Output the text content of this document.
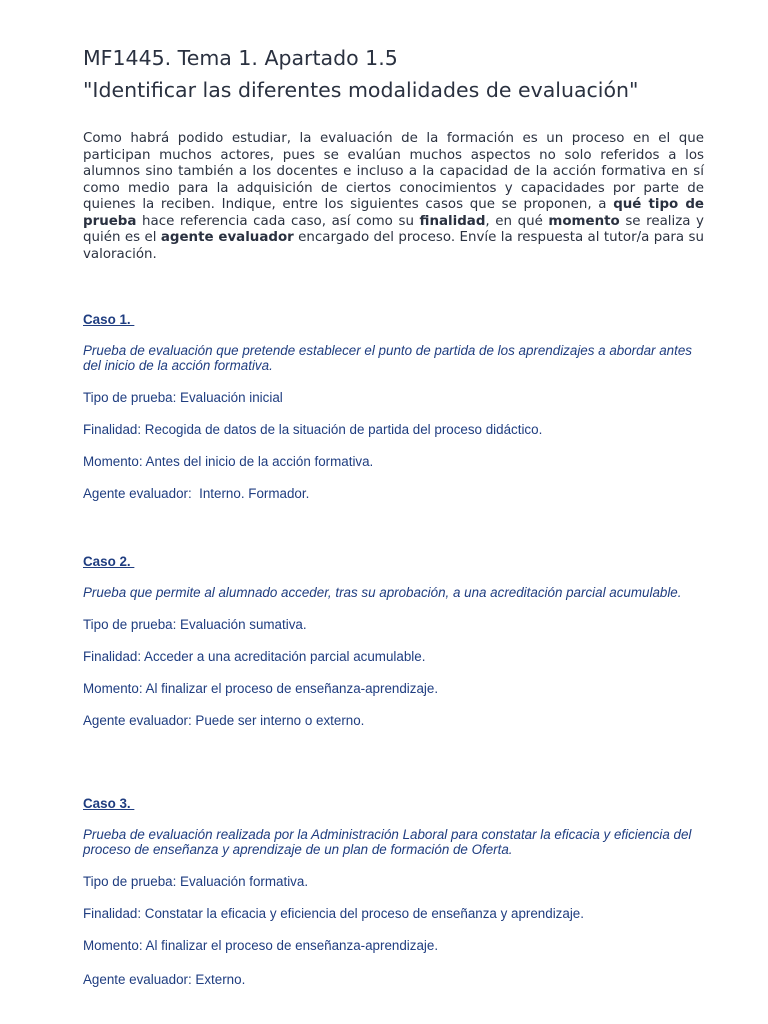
MF1445. Tema 1. Apartado 1.5
"Identificar las diferentes modalidades de evaluación"

Como habrá podido estudiar, la evaluación de la formación es un proceso en el que participan muchos actores, pues se evalúan muchos aspectos no solo referidos a los alumnos sino también a los docentes e incluso a la capacidad de la acción formativa en sí como medio para la adquisición de ciertos conocimientos y capacidades por parte de quienes la reciben. Indique, entre los siguientes casos que se proponen, a qué tipo de prueba hace referencia cada caso, así como su finalidad, en qué momento se realiza y quién es el agente evaluador encargado del proceso. Envíe la respuesta al tutor/a para su valoración.

Caso 1.

Prueba de evaluación que pretende establecer el punto de partida de los aprendizajes a abordar antes del inicio de la acción formativa.

Tipo de prueba: Evaluación inicial

Finalidad: Recogida de datos de la situación de partida del proceso didáctico.

Momento: Antes del inicio de la acción formativa.

Agente evaluador:  Interno. Formador.

Caso 2.

Prueba que permite al alumnado acceder, tras su aprobación, a una acreditación parcial acumulable.

Tipo de prueba: Evaluación sumativa.

Finalidad: Acceder a una acreditación parcial acumulable.

Momento: Al finalizar el proceso de enseñanza-aprendizaje.

Agente evaluador: Puede ser interno o externo.

Caso 3.

Prueba de evaluación realizada por la Administración Laboral para constatar la eficacia y eficiencia del proceso de enseñanza y aprendizaje de un plan de formación de Oferta.

Tipo de prueba: Evaluación formativa.

Finalidad: Constatar la eficacia y eficiencia del proceso de enseñanza y aprendizaje.

Momento: Al finalizar el proceso de enseñanza-aprendizaje.

Agente evaluador: Externo.
